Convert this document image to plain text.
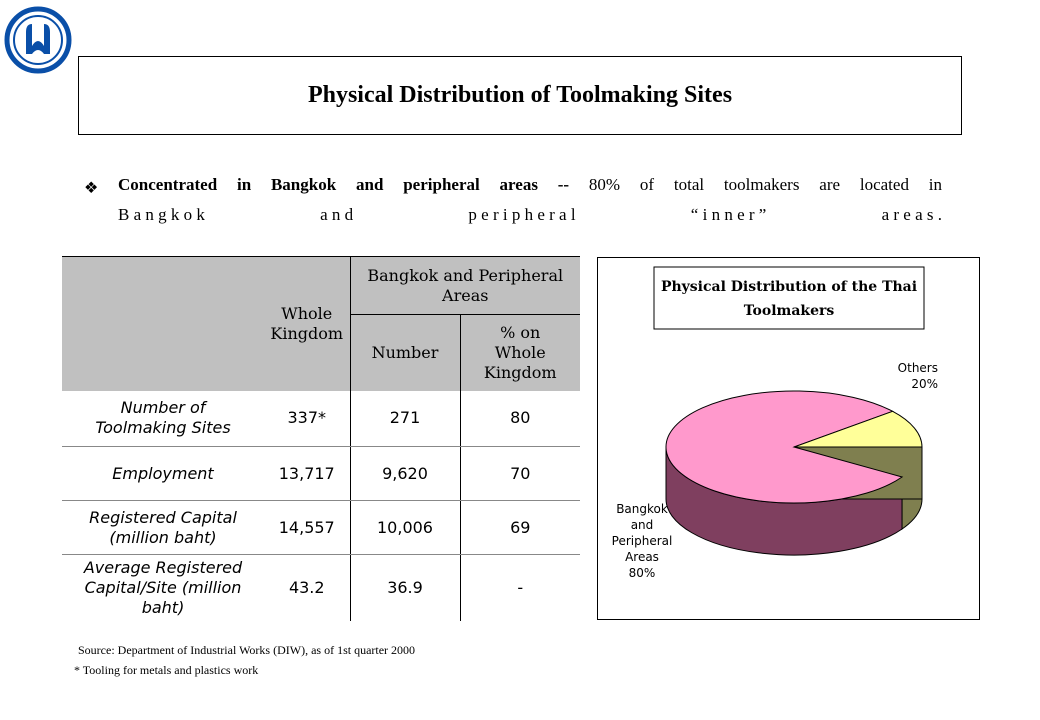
Physical Distribution of Toolmaking Sites
❖ Concentrated in Bangkok and peripheral areas -- 80% of total toolmakers are located in
B a n g k o k	a n d	p e r i p h e r a l	“ i n n e r ”	a r e a s .

	Whole Kingdom	Bangkok and Peripheral Areas	

		Number	% on Whole Kingdom

Number of Toolmaking Sites	337*	271	80
Employment	13,717	9,620	70

Registered Capital (million baht)	14,557	10,006	69

Average Registered Capital/Site (million baht)	43.2	36.9	-
Physical Distribution of the Thai
Toolmakers
Others 20%
Bangkok and Peripheral Areas 80%
Source: Department of Industrial Works (DIW), as of 1st quarter 2000
* Tooling for metals and plastics work
